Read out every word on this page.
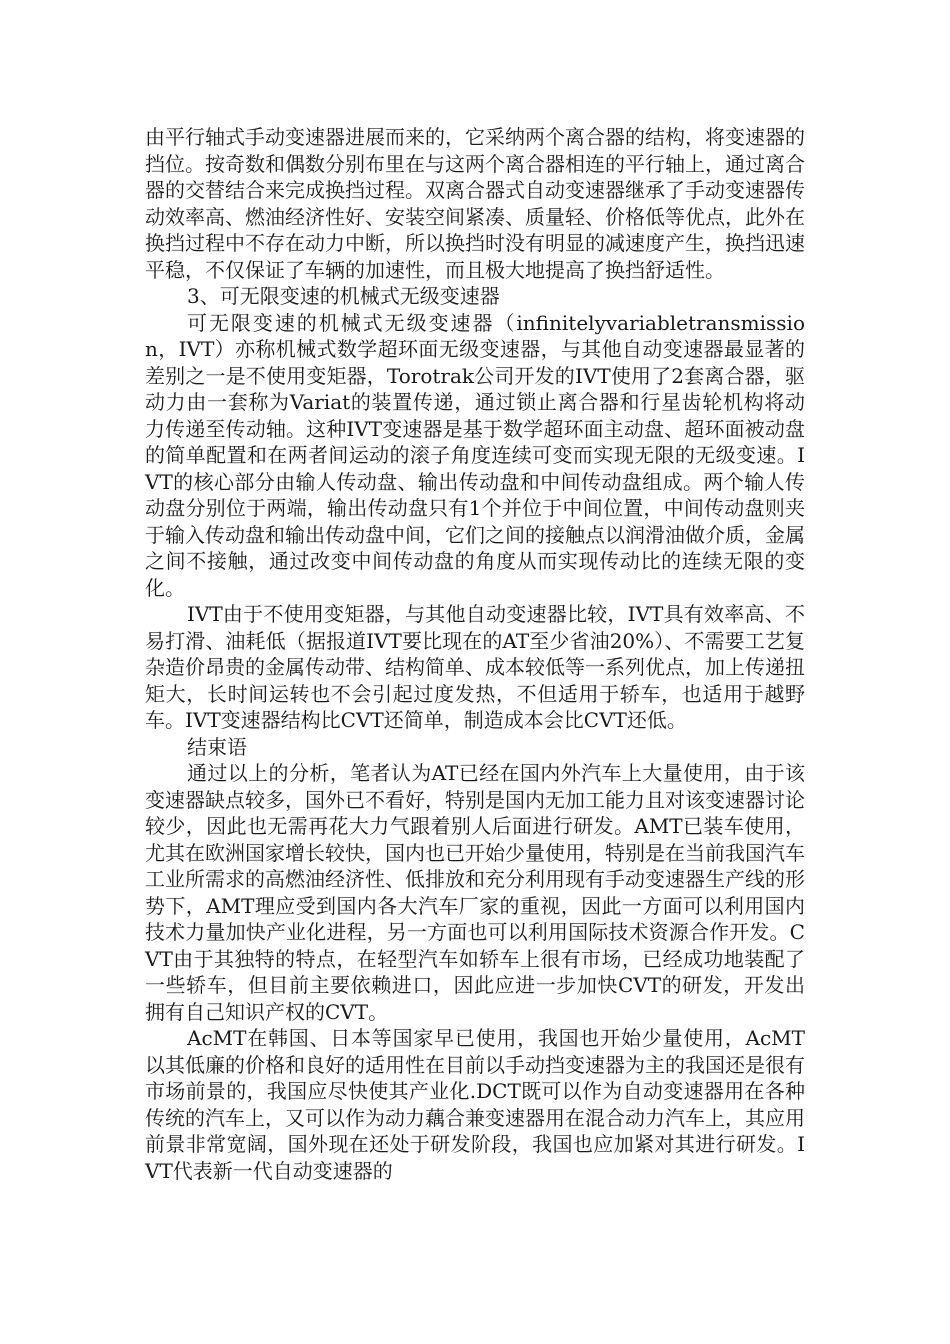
由平行轴式手动变速器进展而来的，它采纳两个离合器的结构，将变速器的挡位。按奇数和偶数分别布里在与这两个离合器相连的平行轴上，通过离合器的交替结合来完成换挡过程。双离合器式自动变速器继承了手动变速器传动效率高、燃油经济性好、安装空间紧凑、质量轻、价格低等优点，此外在换挡过程中不存在动力中断，所以换挡时没有明显的减速度产生，换挡迅速平稳，不仅保证了车辆的加速性，而且极大地提高了换挡舒适性。

3、可无限变速的机械式无级变速器

可无限变速的机械式无级变速器（infinitelyvariabletransmission，IVT）亦称机械式数学超环面无级变速器，与其他自动变速器最显著的差别之一是不使用变矩器，Torotrak公司开发的IVT使用了2套离合器，驱动力由一套称为Variat的装置传递，通过锁止离合器和行星齿轮机构将动力传递至传动轴。这种IVT变速器是基于数学超环面主动盘、超环面被动盘的简单配置和在两者间运动的滚子角度连续可变而实现无限的无级变速。IVT的核心部分由输人传动盘、输出传动盘和中间传动盘组成。两个输人传动盘分别位于两端，输出传动盘只有1个并位于中间位置，中间传动盘则夹于输入传动盘和输出传动盘中间，它们之间的接触点以润滑油做介质，金属之间不接触，通过改变中间传动盘的角度从而实现传动比的连续无限的变化。

IVT由于不使用变矩器，与其他自动变速器比较，IVT具有效率高、不易打滑、油耗低（据报道IVT要比现在的AT至少省油20%）、不需要工艺复杂造价昂贵的金属传动带、结构简单、成本较低等一系列优点，加上传递扭矩大，长时间运转也不会引起过度发热，不但适用于轿车，也适用于越野车。IVT变速器结构比CVT还简单，制造成本会比CVT还低。

结束语

通过以上的分析，笔者认为AT已经在国内外汽车上大量使用，由于该变速器缺点较多，国外已不看好，特别是国内无加工能力且对该变速器讨论较少，因此也无需再花大力气跟着别人后面进行研发。AMT已装车使用，尤其在欧洲国家增长较快，国内也已开始少量使用，特别是在当前我国汽车工业所需求的高燃油经济性、低排放和充分利用现有手动变速器生产线的形势下，AMT理应受到国内各大汽车厂家的重视，因此一方面可以利用国内技术力量加快产业化进程，另一方面也可以利用国际技术资源合作开发。CVT由于其独特的特点，在轻型汽车如轿车上很有市场，已经成功地装配了一些轿车，但目前主要依赖进口，因此应进一步加快CVT的研发，开发出拥有自己知识产权的CVT。

AcMT在韩国、日本等国家早已使用，我国也开始少量使用，AcMT以其低廉的价格和良好的适用性在目前以手动挡变速器为主的我国还是很有市场前景的，我国应尽快使其产业化.DCT既可以作为自动变速器用在各种传统的汽车上，又可以作为动力藕合兼变速器用在混合动力汽车上，其应用前景非常宽阔，国外现在还处于研发阶段，我国也应加紧对其进行研发。IVT代表新一代自动变速器的
